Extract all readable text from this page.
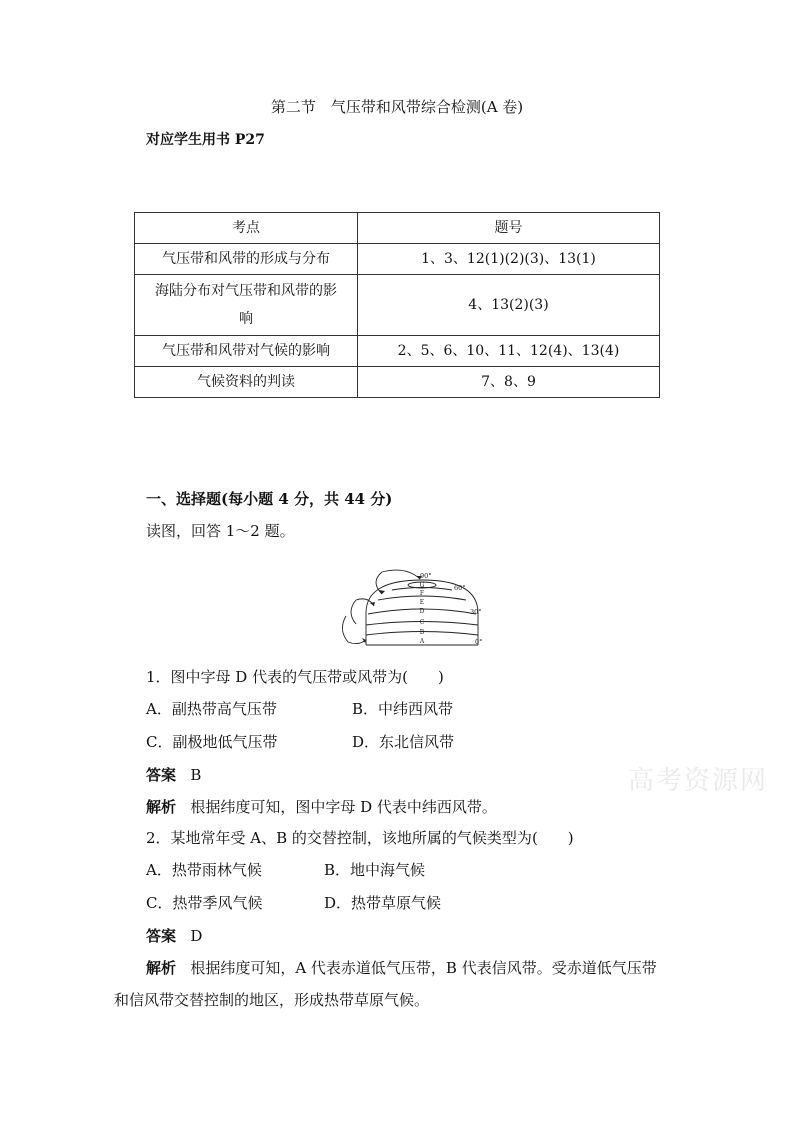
第二节　气压带和风带综合检测(A 卷)
对应学生用书 P27
考点	题号
气压带和风带的形成与分布	1、3、12(1)(2)(3)、13(1)

海陆分布对气压带和风带的影
响	4、13(2)(3)
气压带和风带对气候的影响	2、5、6、10、11、12(4)、13(4)
气候资料的判读	7、8、9
一、选择题(每小题 4 分，共 44 分)
读图，回答 1～2 题。
90°
60°
30°
0°
G
F
E
D
C
B
A
1．图中字母 D 代表的气压带或风带为(　　)
A．副热带高气压带	B．中纬西风带
C．副极地低气压带	D．东北信风带
答案 B
解析 根据纬度可知，图中字母 D 代表中纬西风带。
2．某地常年受 A、B 的交替控制，该地所属的气候类型为(　　)
A．热带雨林气候	B．地中海气候
C．热带季风气候	D．热带草原气候
答案 D
解析 根据纬度可知，A 代表赤道低气压带，B 代表信风带。受赤道低气压带
和信风带交替控制的地区，形成热带草原气候。
高考资源网
